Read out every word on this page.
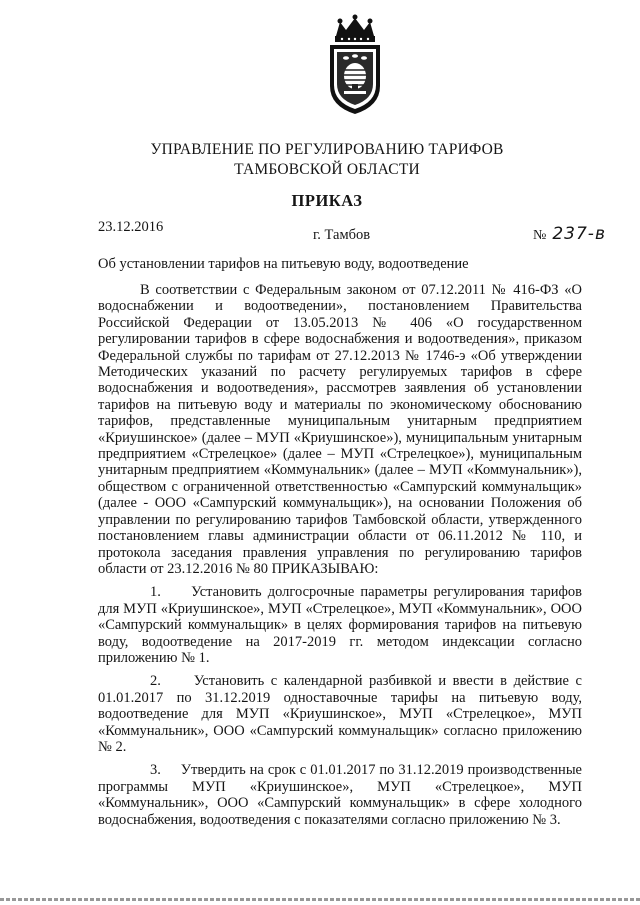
УПРАВЛЕНИЕ ПО РЕГУЛИРОВАНИЮ ТАРИФОВ
ТАМБОВСКОЙ ОБЛАСТИ
ПРИКАЗ
23.12.2016	г. Тамбов	№ 237-в
Об установлении тарифов на питьевую воду, водоотведение

В соответствии с Федеральным законом от 07.12.2011 № 416-ФЗ «О водоснабжении и водоотведении», постановлением Правительства Российской Федерации от 13.05.2013 № 406 «О государственном регулировании тарифов в сфере водоснабжения и водоотведения», приказом Федеральной службы по тарифам от 27.12.2013 № 1746-э «Об утверждении Методических указаний по расчету регулируемых тарифов в сфере водоснабжения и водоотведения», рассмотрев заявления об установлении тарифов на питьевую воду и материалы по экономическому обоснованию тарифов, представленные муниципальным унитарным предприятием «Криушинское» (далее – МУП «Криушинское»), муниципальным унитарным предприятием «Стрелецкое» (далее – МУП «Стрелецкое»), муниципальным унитарным предприятием «Коммунальник» (далее – МУП «Коммунальник»), обществом с ограниченной ответственностью «Сампурский коммунальщик» (далее - ООО «Сампурский коммунальщик»), на основании Положения об управлении по регулированию тарифов Тамбовской области, утвержденного постановлением главы администрации области от 06.11.2012 № 110, и протокола заседания правления управления по регулированию тарифов области от 23.12.2016 № 80 ПРИКАЗЫВАЮ:

1. Установить долгосрочные параметры регулирования тарифов для МУП «Криушинское», МУП «Стрелецкое», МУП «Коммунальник», ООО «Сампурский коммунальщик» в целях формирования тарифов на питьевую воду, водоотведение на 2017-2019 гг. методом индексации согласно приложению № 1.

2. Установить с календарной разбивкой и ввести в действие с 01.01.2017 по 31.12.2019 одноставочные тарифы на питьевую воду, водоотведение для МУП «Криушинское», МУП «Стрелецкое», МУП «Коммунальник», ООО «Сампурский коммунальщик» согласно приложению № 2.

3. Утвердить на срок с 01.01.2017 по 31.12.2019 производственные программы МУП «Криушинское», МУП «Стрелецкое», МУП «Коммунальник», ООО «Сампурский коммунальщик» в сфере холодного водоснабжения, водоотведения с показателями согласно приложению № 3.
